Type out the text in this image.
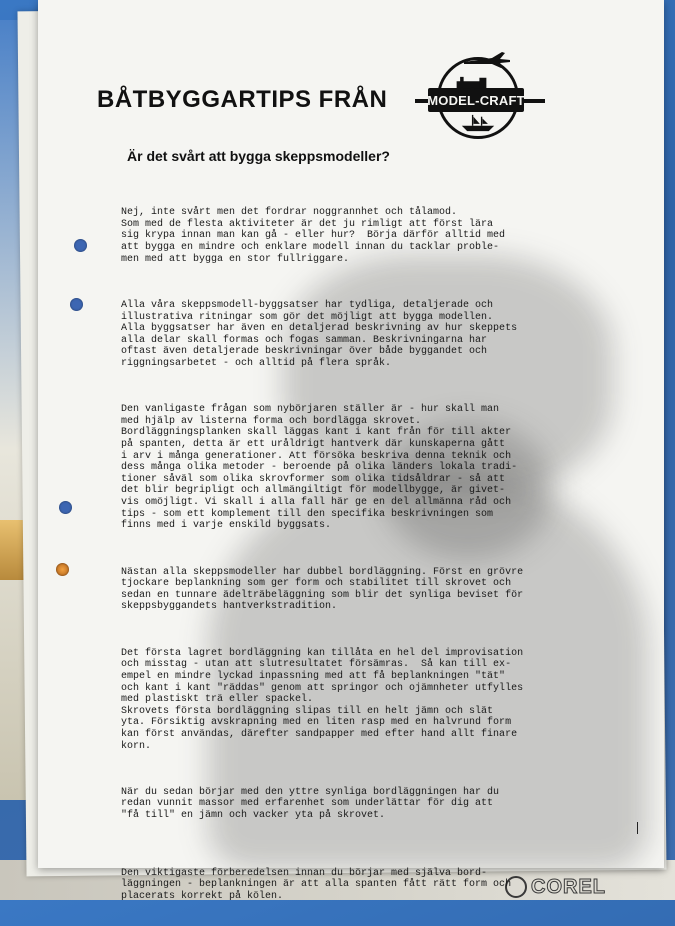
COREL
BÅTBYGGARTIPS FRÅN	MODEL-CRAFT
Är det svårt att bygga skeppsmodeller?

Nej, inte svårt men det fordrar noggrannhet och tålamod.
Som med de flesta aktiviteter är det ju rimligt att först lära
sig krypa innan man kan gå - eller hur?  Börja därför alltid med
att bygga en mindre och enklare modell innan du tacklar proble-
men med att bygga en stor fullriggare.

Alla våra skeppsmodell-byggsatser har tydliga, detaljerade och
illustrativa ritningar som gör det möjligt att bygga modellen.
Alla byggsatser har även en detaljerad beskrivning av hur skeppets
alla delar skall formas och fogas samman. Beskrivningarna har
oftast även detaljerade beskrivningar över både byggandet och
riggningsarbetet - och alltid på flera språk.

Den vanligaste frågan som nybörjaren ställer är - hur skall man
med hjälp av listerna forma och bordlägga skrovet.
Bordläggningsplanken skall läggas kant i kant från för till akter
på spanten, detta är ett uråldrigt hantverk där kunskaperna gått
i arv i många generationer. Att försöka beskriva denna teknik och
dess många olika metoder - beroende på olika länders lokala tradi-
tioner såväl som olika skrovformer som olika tidsåldrar - så att
det blir begripligt och allmängiltigt för modellbygge, är givet-
vis omöjligt. Vi skall i alla fall här ge en del allmänna råd och
tips - som ett komplement till den specifika beskrivningen som
finns med i varje enskild byggsats.

Nästan alla skeppsmodeller har dubbel bordläggning. Först en grövre
tjockare beplankning som ger form och stabilitet till skrovet och
sedan en tunnare ädelträbeläggning som blir det synliga beviset för
skeppsbyggandets hantverkstradition.

Det första lagret bordläggning kan tillåta en hel del improvisation
och misstag - utan att slutresultatet försämras.  Så kan till ex-
empel en mindre lyckad inpassning med att få beplankningen "tät"
och kant i kant "räddas" genom att springor och ojämnheter utfylles
med plastiskt trä eller spackel.
Skrovets första bordläggning slipas till en helt jämn och slät
yta. Försiktig avskrapning med en liten rasp med en halvrund form
kan först användas, därefter sandpapper med efter hand allt finare
korn.

När du sedan börjar med den yttre synliga bordläggningen har du
redan vunnit massor med erfarenhet som underlättar för dig att
"få till" en jämn och vacker yta på skrovet.

Den viktigaste förberedelsen innan du börjar med själva bord-
läggningen - beplankningen är att alla spanten fått rätt form och
placerats korrekt på kölen.
